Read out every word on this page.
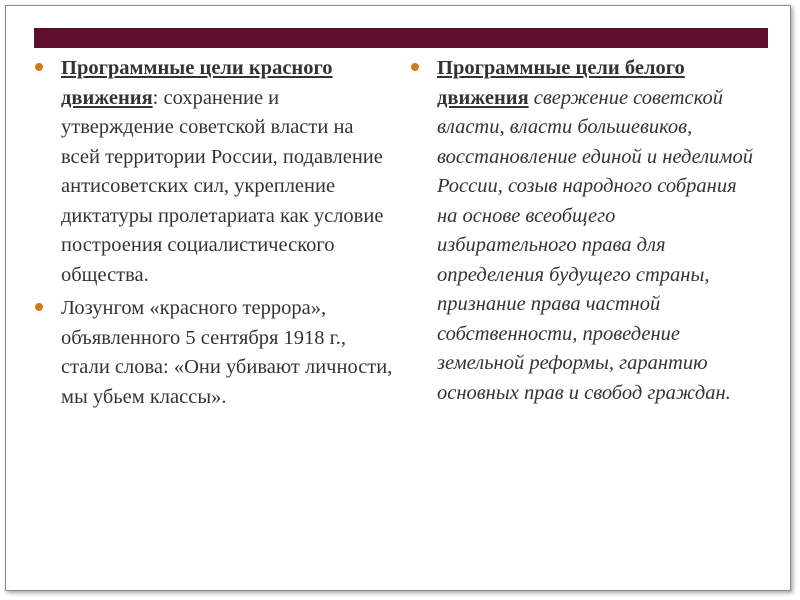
Программные цели красного движения: сохранение и утверждение советской власти на всей территории России, подавление антисоветских сил, укрепление диктатуры пролетариата как условие построения социалистического общества.
Лозунгом «красного террора», объявленного 5 сентября 1918 г., стали слова: «Они убивают личности, мы убьем классы».
Программные цели белого движения свержение советской власти, власти большевиков, восстановление единой и неделимой России, созыв народного собрания на основе всеобщего избирательного права для определения будущего страны, признание права частной собственности, проведение земельной реформы, гарантию основных прав и свобод граждан.
